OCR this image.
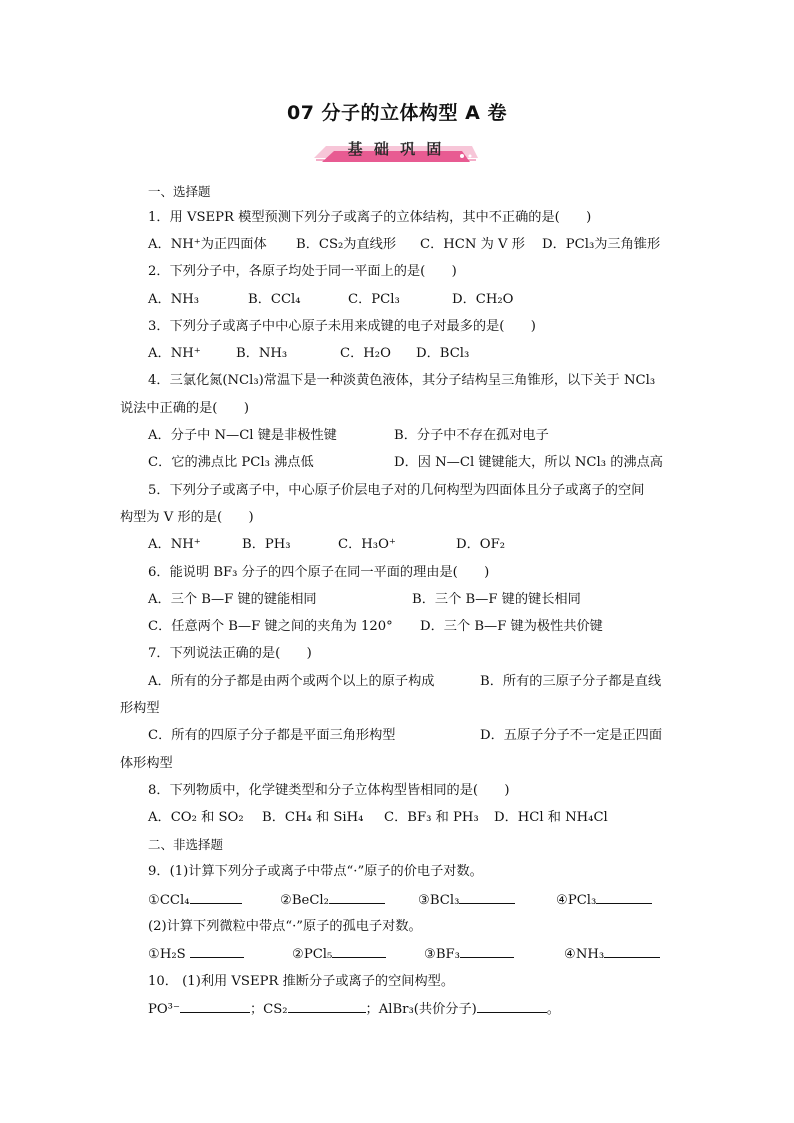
07 分子的立体构型 A 卷
基 础 巩 固
一、选择题
1．用 VSEPR 模型预测下列分子或离子的立体结构，其中不正确的是(　　)
A．NH⁺为正四面体 B．CS₂为直线形 C．HCN 为 V 形 D．PCl₃为三角锥形
2．下列分子中，各原子均处于同一平面上的是(　　)
A．NH₃	B．CCl₄	C．PCl₃	D．CH₂O
3．下列分子或离子中中心原子未用来成键的电子对最多的是(　　)
A．NH⁺	B．NH₃	C．H₂O D．BCl₃
4．三氯化氮(NCl₃)常温下是一种淡黄色液体，其分子结构呈三角锥形，以下关于 NCl₃
说法中正确的是(　　)
A．分子中 N—Cl 键是非极性键	B．分子中不存在孤对电子
C．它的沸点比 PCl₃ 沸点低	D．因 N—Cl 键键能大，所以 NCl₃ 的沸点高
5．下列分子或离子中，中心原子价层电子对的几何构型为四面体且分子或离子的空间
构型为 V 形的是(　　)
A．NH⁺	B．PH₃	C．H₃O⁺	D．OF₂
6．能说明 BF₃ 分子的四个原子在同一平面的理由是(　　)
A．三个 B—F 键的键能相同	B．三个 B—F 键的键长相同
C．任意两个 B—F 键之间的夹角为 120° D．三个 B—F 键为极性共价键
7．下列说法正确的是(　　)
A．所有的分子都是由两个或两个以上的原子构成	B．所有的三原子分子都是直线
形构型
C．所有的四原子分子都是平面三角形构型	D．五原子分子不一定是正四面
体形构型
8．下列物质中，化学键类型和分子立体构型皆相同的是(　　)
A．CO₂ 和 SO₂ B．CH₄ 和 SiH₄ C．BF₃ 和 PH₃ D．HCl 和 NH₄Cl
二、非选择题
9．(1)计算下列分子或离子中带点“·”原子的价电子对数。
①CCl₄	②BeCl₂	③BCl₃	④PCl₃
(2)计算下列微粒中带点“·”原子的孤电子对数。
①H₂S	②PCl₅	③BF₃	④NH₃
10． (1)利用 VSEPR 推断分子或离子的空间构型。
PO³⁻	；CS₂	；AlBr₃(共价分子)	。
